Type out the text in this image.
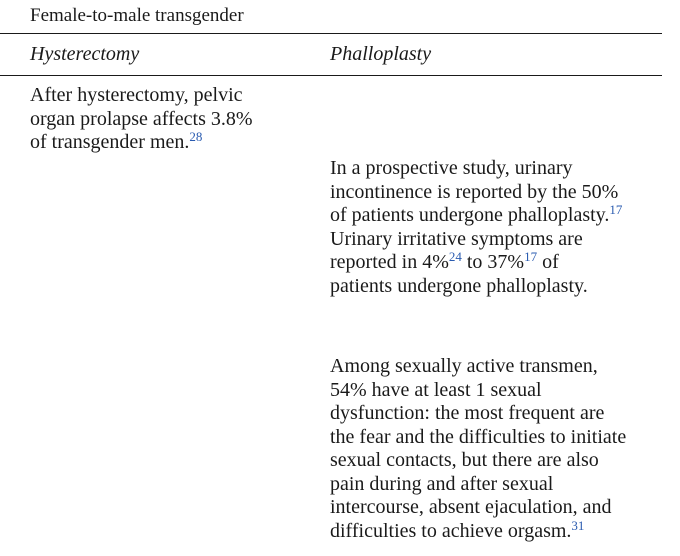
Female-to-male transgender
Hysterectomy	Phalloplasty
After hysterectomy, pelvic
organ prolapse affects 3.8%
of transgender men.$^{28}$
In a prospective study, urinary
incontinence is reported by the 50%
of patients undergone phalloplasty.$^{17}$
Urinary irritative symptoms are
reported in 4%$^{24}$ to 37%$^{17}$ of
patients undergone phalloplasty.
Among sexually active transmen,
54% have at least 1 sexual
dysfunction: the most frequent are
the fear and the difficulties to initiate
sexual contacts, but there are also
pain during and after sexual
intercourse, absent ejaculation, and
difficulties to achieve orgasm.$^{31}$
